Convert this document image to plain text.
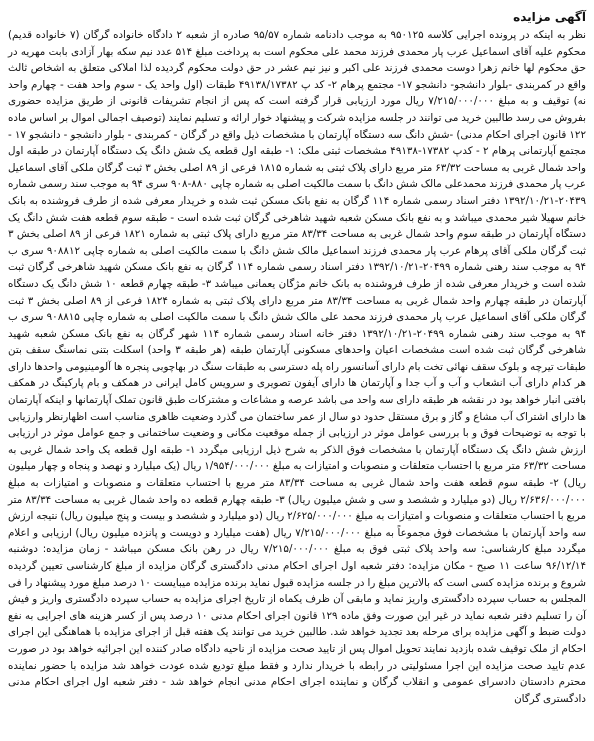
آگهی مزایده

نظر به اینکه در پرونده اجرایی کلاسه ۹۵۰۱۲۵ به موجب دادنامه شماره ۹۵/۵۷ صادره از شعبه ۲ دادگاه خانواده گرگان (۷ خانواده قدیم) محکوم علیه آقای اسماعیل عرب پار محمدی فرزند محمد علی محکوم است به پرداخت مبلغ ۵۱۴ عدد نیم سکه بهار آزادی بابت مهریه در حق محکوم لها خانم زهرا دوست محمدی فرزند علی اکبر و نیز نیم عشر در حق دولت محکوم گردیده لذا املاکی متعلق به اشخاص ثالث واقع در کمربندی -بلوار دانشجو- دانشجو ۱۷- مجتمع پرهام ۲- کد پ ۴۹۱۳۸/۱۷۳۸۲ طبقات (اول واحد یک - سوم واحد هفت - چهارم واحد نه) توقیف و به مبلغ ۷/۲۱۵/۰۰۰/۰۰۰ ریال مورد ارزیابی قرار گرفته است که پس از انجام تشریفات قانونی از طریق مزایده حضوری بفروش می رسد طالبین خرید می توانند در جلسه مزایده شرکت و پیشنهاد خوار ارائه و تسلیم نمایند (توصیف اجمالی اموال بر اساس ماده ۱۲۲ قانون اجرای احکام مدنی) -شش دانگ سه دستگاه آپارتمان با مشخصات ذیل واقع در گرگان - کمربندی - بلوار دانشجو - دانشجو ۱۷ - مجتمع آپارتمانی پرهام ۲ - کدپ ۱۷۳۸۲-۴۹۱۳۸ مشخصات ثبتی ملک: ۱- طبقه اول قطعه یک شش دانگ یک دستگاه آپارتمان در طبقه اول واحد شمال غربی به مساحت ۶۳/۳۲ متر مربع دارای پلاک ثبتی به شماره ۱۸۱۵ فرعی از ۸۹ اصلی بخش ۳ ثبت گرگان ملکی آقای اسماعیل عرب پار محمدی فرزند محمدعلی مالک شش دانگ با سمت مالکیت اصلی به شماره چاپی ۸۸۰-۹۰۸ سری ۹۴ به موجب سند رسمی شماره ۲۰۴۳۹-۱۳۹۲/۱۰/۲۱ دفتر اسناد رسمی شماره ۱۱۴ گرگان به نفع بانک مسکن ثبت شده و خریدار معرفی شده از طرف فروشنده به بانک خانم سهیلا شیر محمدی میباشد و به نفع بانک مسکن شعبه شهید شاهرخی گرگان ثبت شده است - طبقه سوم قطعه هفت شش دانگ یک دستگاه آپارتمان در طبقه سوم واحد شمال غربی به مساحت ۸۳/۳۴ متر مربع دارای پلاک ثبتی به شماره ۱۸۲۱ فرعی از ۸۹ اصلی بخش ۳ ثبت گرگان ملکی آقای پرهام عرب پار محمدی فرزند اسماعیل مالک شش دانگ با سمت مالکیت اصلی به شماره چاپی ۹۰۸۸۱۲ سری ب ۹۴ به موجب سند رهنی شماره ۲۰۴۹۹-۱۳۹۲/۱۰/۲۱ دفتر اسناد رسمی شماره ۱۱۴ گرگان به نفع بانک مسکن شهید شاهرخی گرگان ثبت شده است و خریدار معرفی شده از طرف فروشنده به بانک خانم مژگان یعمانی میباشد ۳- طبقه چهارم قطعه ۱۰ شش دانگ یک دستگاه آپارتمان در طبقه چهارم واحد شمال غربی به مساحت ۸۳/۳۴ متر مربع دارای پلاک ثبتی به شماره ۱۸۲۴ فرعی از ۸۹ اصلی بخش ۳ ثبت گرگان ملکی آقای اسماعیل عرب پار محمدی فرزند محمد علی مالک شش دانگ با سمت مالکیت اصلی به شماره چاپی ۹۰۸۸۱۵ سری ب ۹۴ به موجب سند رهنی شماره ۲۰۴۹۹-۱۳۹۲/۱۰/۲۱ دفتر خانه اسناد رسمی شماره ۱۱۴ شهر گرگان به نفع بانک مسکن شعبه شهید شاهرخی گرگان ثبت شده است مشخصات اعیان واحدهای مسکونی آپارتمان طبقه (هر طبقه ۳ واحد) اسکلت بتنی نماسنگ سقف بتن طبقات تیرچه و بلوک سقف نهائی تخت بام دارای آسانسور راه پله دسترسی به طبقات سنگ در بهاچوبی پنجره ها آلومینیومی واحدها دارای هر کدام دارای آب انشعاب و آب و آب جدا و آپارتمان ها دارای آیفون تصویری و سرویس کامل ایرانی در همکف و بام پارکینگ در همکف بافتی انبار خواهد بود در نقشه هر طبقه دارای سه واحد می باشد عرصه و مشاعات و مشترکات طبق قانون تملک آپارتمانها و اینکه آپارتمان ها دارای اشتراک آب مشاع و گاز و برق مستقل حدود دو سال از عمر ساختمان می گذرد وضعیت ظاهری مناسب است اظهارنظر وارزیابی با توجه به توضیحات فوق و با بررسی عوامل موثر در ارزیابی از جمله موقعیت مکانی و وضعیت ساختمانی و جمع عوامل موثر در ارزیابی ارزش شش دانگ یک دستگاه آپارتمان با مشخصات فوق الذکر به شرح ذیل ارزیابی میگردد ۱- طبقه اول قطعه یک واحد شمال غربی به مساحت ۶۳/۳۲ متر مربع با احتساب متعلقات و منصوبات و امتیازات به مبلغ ۱/۹۵۴/۰۰۰/۰۰۰ ریال (یک میلیارد و نهصد و پنجاه و چهار میلیون ریال) ۲- طبقه سوم قطعه هفت واحد شمال غربی به مساحت ۸۳/۳۴ متر مربع با احتساب متعلقات و منصوبات و امتیازات به مبلغ ۲/۶۳۶/۰۰۰/۰۰۰ ریال (دو میلیارد و ششصد و سی و شش میلیون ریال) ۳- طبقه چهارم قطعه ده واحد شمال غربی به مساحت ۸۳/۳۴ متر مربع با احتساب متعلقات و منصوبات و امتیازات به مبلغ ۲/۶۲۵/۰۰۰/۰۰۰ ریال (دو میلیارد و ششصد و بیست و پنج میلیون ریال) نتیجه ارزش سه واحد آپارتمان با مشخصات فوق مجموعاً به مبلغ ۷/۲۱۵/۰۰۰/۰۰۰ ریال (هفت میلیارد و دویست و پانزده میلیون ریال) ارزیابی و اعلام میگردد مبلغ کارشناسی: سه واحد پلاک ثبتی فوق به مبلغ ۷/۲۱۵/۰۰۰/۰۰۰ ریال در رهن بانک مسکن میباشد - زمان مزایده: دوشنبه ۹۶/۱۲/۱۴ ساعت ۱۱ صبح - مکان مزایده: دفتر شعبه اول اجرای احکام مدنی دادگستری گرگان مزایده از مبلغ کارشناسی تعیین گردیده شروع و برنده مزایده کسی است که بالاترین مبلغ را در جلسه مزایده قبول نماید برنده مزایده میبایست ۱۰ درصد مبلغ مورد پیشنهاد را فی المجلس به حساب سپرده دادگستری واریز نماید و مابقی آن ظرف یکماه از تاریخ اجرای مزایده به حساب سپرده دادگستری واریز و فیش آن را تسلیم دفتر شعبه نماید در غیر این صورت وفق ماده ۱۲۹ قانون اجرای احکام مدنی ۱۰ درصد پس از کسر هزینه های اجرایی به نفع دولت ضبط و آگهی مزایده برای مرحله بعد تجدید خواهد شد. طالبین خرید می توانند یک هفته قبل از اجرای مزایده با هماهنگی این اجرای احکام از ملک توقیف شده بازدید نمایند تحویل اموال پس از تایید صحت مزایده از ناحیه دادگاه صادر کننده این اجرائیه خواهد بود در صورت عدم تایید صحت مزایده این اجرا مسئولیتی در رابطه با خریدار ندارد و فقط مبلغ تودیع شده عودت خواهد شد مزایده با حضور نماینده محترم دادستان دادسرای عمومی و انقلاب گرگان و نماینده اجرای احکام مدنی انجام خواهد شد - دفتر شعبه اول اجرای احکام مدنی دادگستری گرگان
